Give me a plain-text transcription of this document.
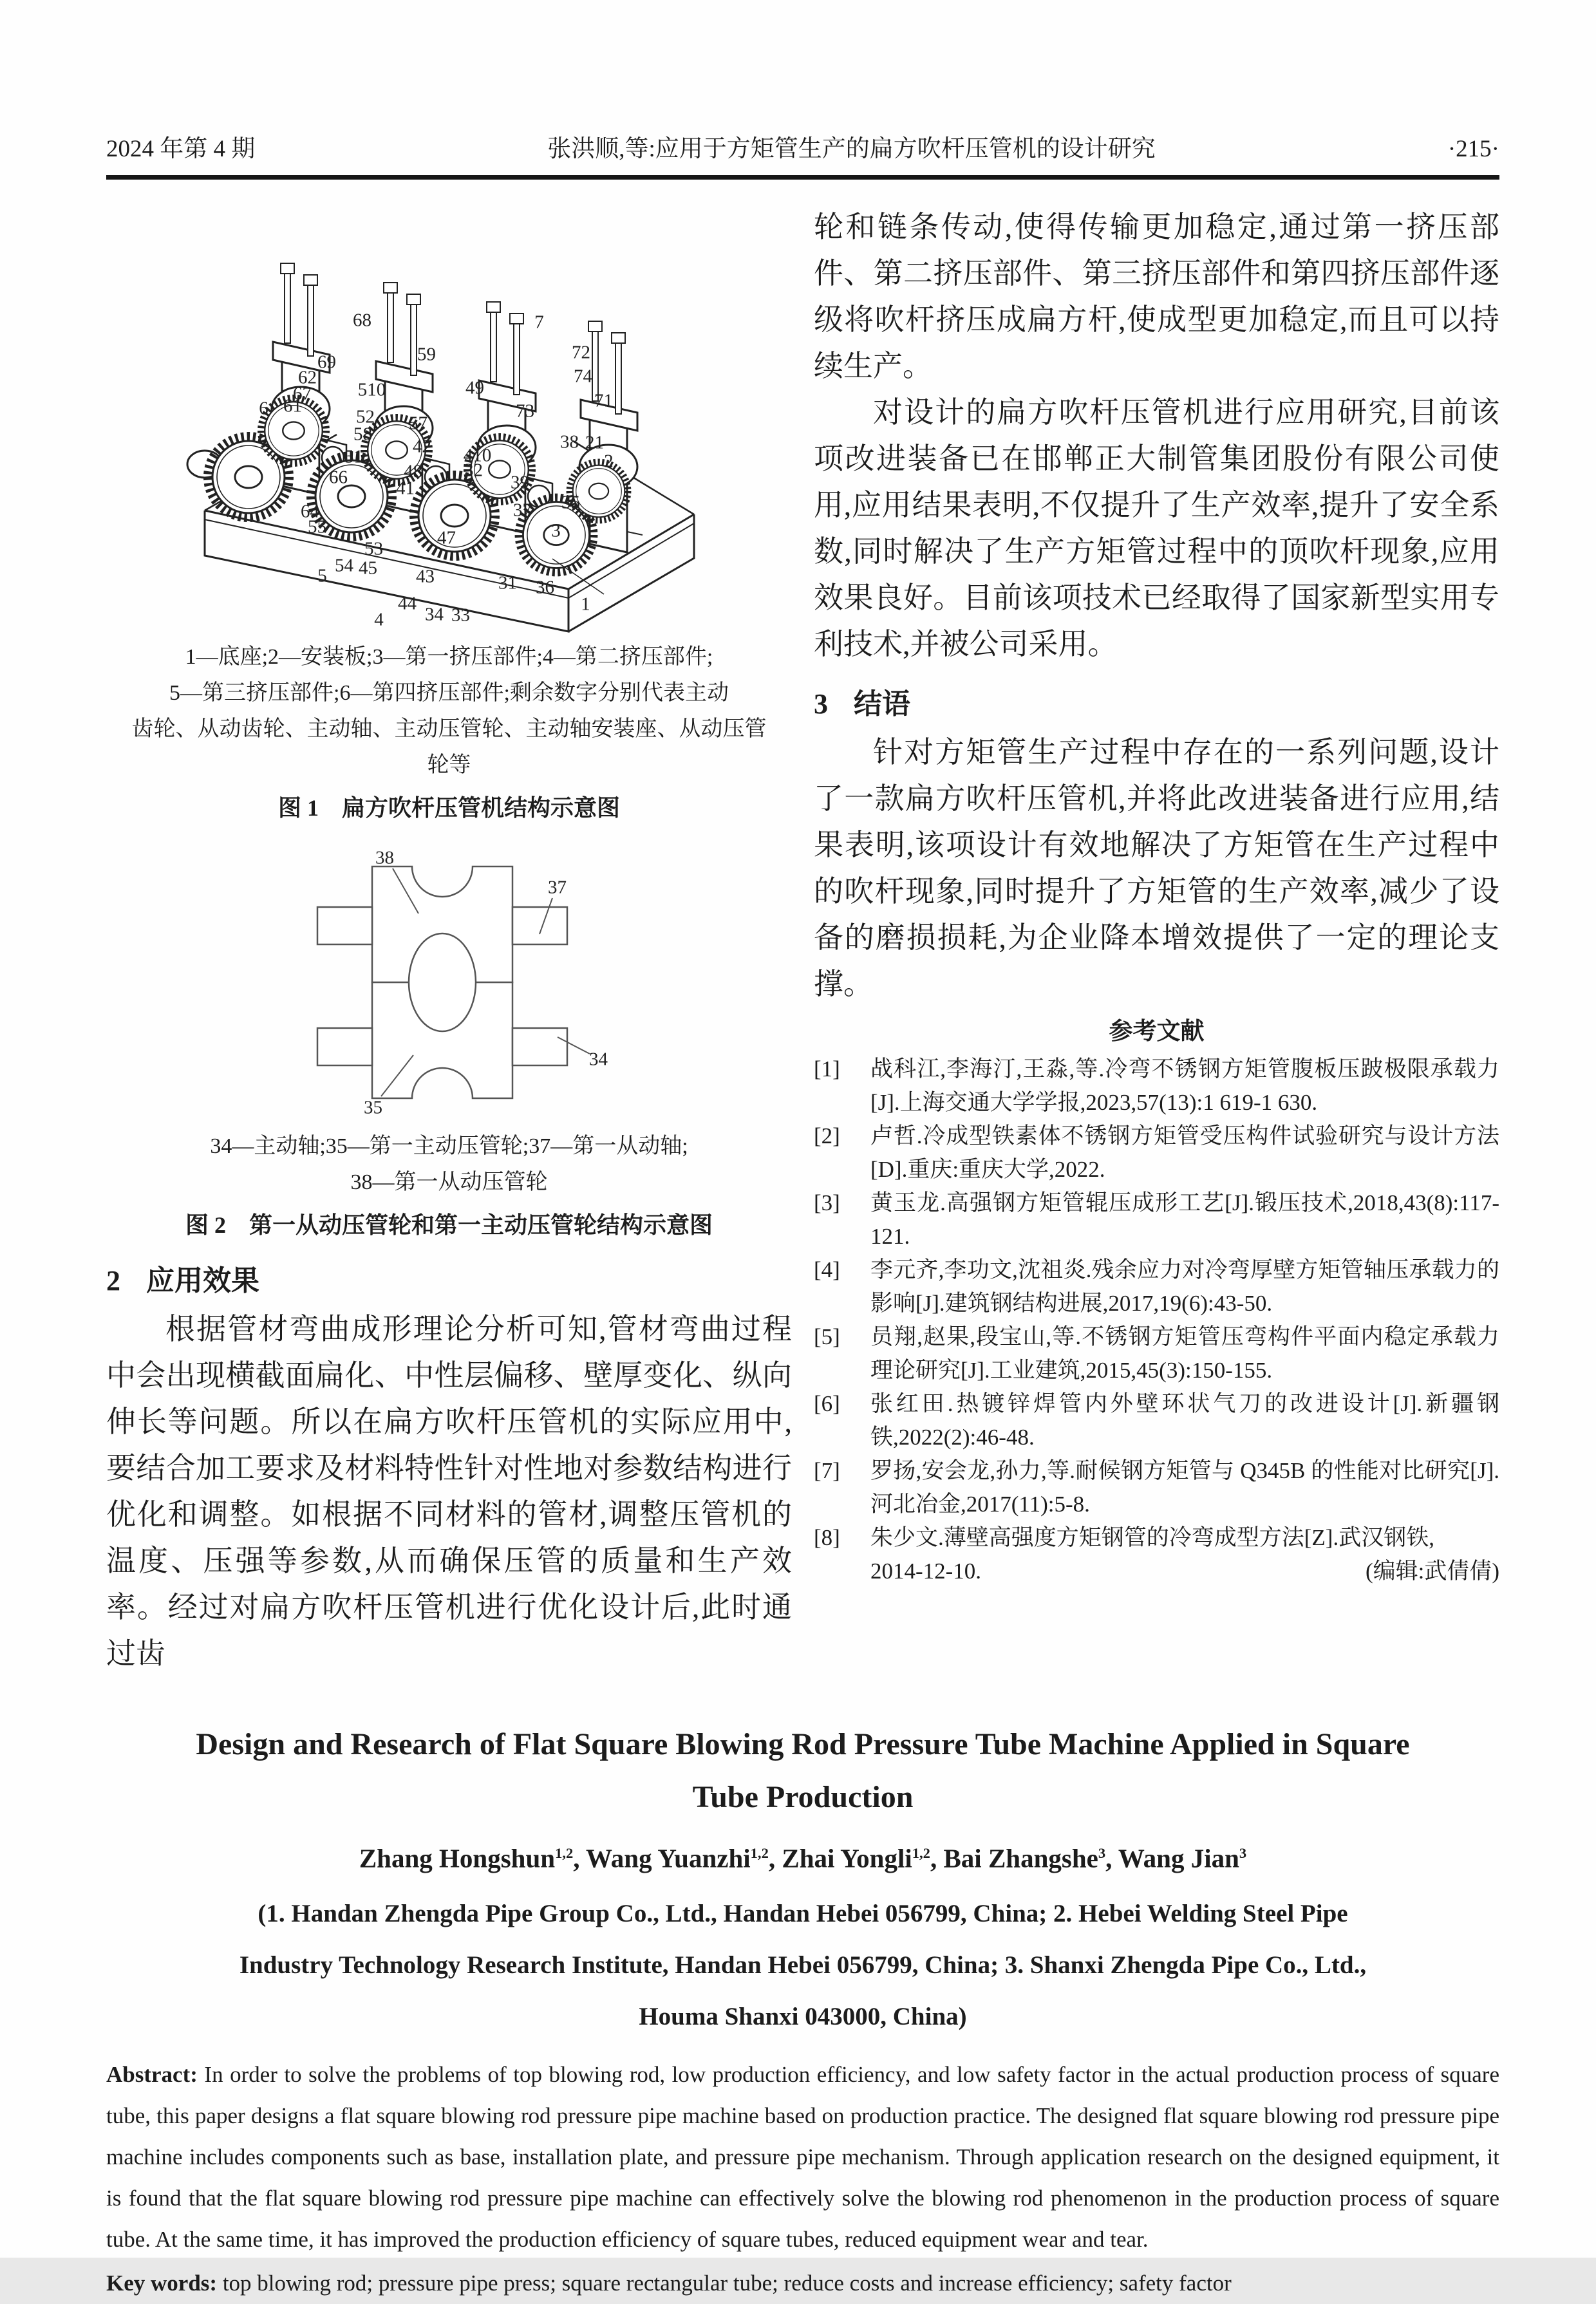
2024 年第 4 期	张洪顺,等:应用于方矩管生产的扁方吹杆压管机的设计研究	·215·
68	7
72
74
71
59
49
73
21
69
62
67
61
6
510
52
58
57
42 410
48
51
66
41
32
39
38
2
35
37
3
64
55
54
5
53
45
44
43
47
34 33
31 36
4
1
1—底座;2—安装板;3—第一挤压部件;4—第二挤压部件;
5—第三挤压部件;6—第四挤压部件;剩余数字分别代表主动
齿轮、从动齿轮、主动轴、主动压管轮、主动轴安装座、从动压管
轮等
图 1　扁方吹杆压管机结构示意图
38
37
34
35
34—主动轴;35—第一主动压管轮;37—第一从动轴;
38—第一从动压管轮
图 2　第一从动压管轮和第一主动压管轮结构示意图
2 应用效果

根据管材弯曲成形理论分析可知,管材弯曲过程中会出现横截面扁化、中性层偏移、壁厚变化、纵向伸长等问题。所以在扁方吹杆压管机的实际应用中,要结合加工要求及材料特性针对性地对参数结构进行优化和调整。如根据不同材料的管材,调整压管机的温度、压强等参数,从而确保压管的质量和生产效率。经过对扁方吹杆压管机进行优化设计后,此时通过齿

轮和链条传动,使得传输更加稳定,通过第一挤压部件、第二挤压部件、第三挤压部件和第四挤压部件逐级将吹杆挤压成扁方杆,使成型更加稳定,而且可以持续生产。

对设计的扁方吹杆压管机进行应用研究,目前该项改进装备已在邯郸正大制管集团股份有限公司使用,应用结果表明,不仅提升了生产效率,提升了安全系数,同时解决了生产方矩管过程中的顶吹杆现象,应用效果良好。目前该项技术已经取得了国家新型实用专利技术,并被公司采用。

3 结语

针对方矩管生产过程中存在的一系列问题,设计了一款扁方吹杆压管机,并将此改进装备进行应用,结果表明,该项设计有效地解决了方矩管在生产过程中的吹杆现象,同时提升了方矩管的生产效率,减少了设备的磨损损耗,为企业降本增效提供了一定的理论支撑。

参考文献
[1]	战科江,李海汀,王淼,等.冷弯不锈钢方矩管腹板压跛极限承载力[J].上海交通大学学报,2023,57(13):1 619-1 630.
[2]	卢哲.冷成型铁素体不锈钢方矩管受压构件试验研究与设计方法[D].重庆:重庆大学,2022.
[3]	黄玉龙.高强钢方矩管辊压成形工艺[J].锻压技术,2018,43(8):117-121.
[4]	李元齐,李功文,沈祖炎.残余应力对冷弯厚壁方矩管轴压承载力的影响[J].建筑钢结构进展,2017,19(6):43-50.
[5]	员翔,赵果,段宝山,等.不锈钢方矩管压弯构件平面内稳定承载力理论研究[J].工业建筑,2015,45(3):150-155.
[6]	张红田.热镀锌焊管内外壁环状气刀的改进设计[J].新疆钢铁,2022(2):46-48.
[7]	罗扬,安会龙,孙力,等.耐候钢方矩管与 Q345B 的性能对比研究[J].河北冶金,2017(11):5-8.
[8]	朱少文.薄壁高强度方矩钢管的冷弯成型方法[Z].武汉钢铁,
2014-12-10.	(编辑:武倩倩)
Design and Research of Flat Square Blowing Rod Pressure Tube Machine Applied in Square
Tube Production
Zhang Hongshun$^{1,2}$, Wang Yuanzhi$^{1,2}$, Zhai Yongli$^{1,2}$, Bai Zhangshe$^3$, Wang Jian$^3$
(1. Handan Zhengda Pipe Group Co., Ltd., Handan Hebei 056799, China; 2. Hebei Welding Steel Pipe
Industry Technology Research Institute, Handan Hebei 056799, China; 3. Shanxi Zhengda Pipe Co., Ltd.,
Houma Shanxi 043000, China)

Abstract: In order to solve the problems of top blowing rod, low production efficiency, and low safety factor in the actual production process of square tube, this paper designs a flat square blowing rod pressure pipe machine based on production practice. The designed flat square blowing rod pressure pipe machine includes components such as base, installation plate, and pressure pipe mechanism. Through application research on the designed equipment, it is found that the flat square blowing rod pressure pipe machine can effectively solve the blowing rod phenomenon in the production process of square tube. At the same time, it has improved the production efficiency of square tubes, reduced equipment wear and tear.

Key words: top blowing rod; pressure pipe press; square rectangular tube; reduce costs and increase efficiency; safety factor
